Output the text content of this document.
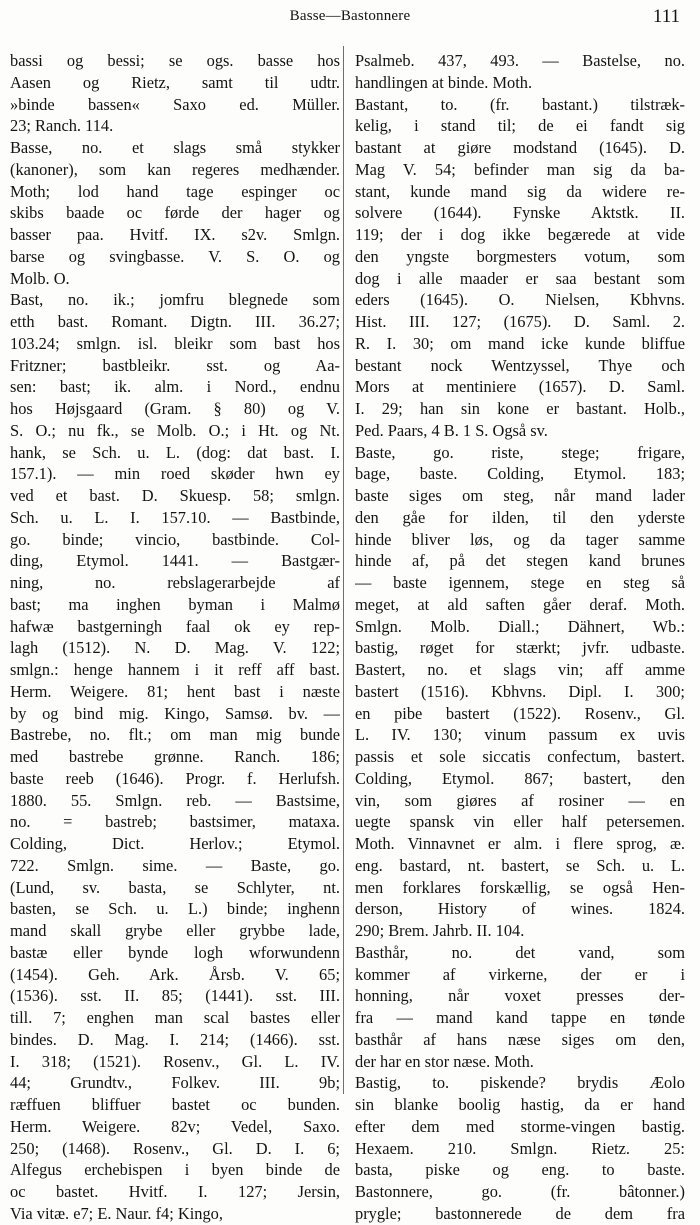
Basse—Bastonnere	111
bassi og bessi; se ogs. basse hos
Aasen og Rietz, samt til udtr.
»binde bassen« Saxo ed. Müller.
23; Ranch. 114.
Basse, no. et slags små stykker
(kanoner), som kan regeres medhænder.
Moth; lod hand tage espinger oc
skibs baade oc førde der hager og
basser paa. Hvitf. IX. s2v. Smlgn.
barse og svingbasse. V. S. O. og
Molb. O.
Bast, no. ik.; jomfru blegnede som
etth bast. Romant. Digtn. III. 36.27;
103.24; smlgn. isl. bleikr som bast hos
Fritzner; bastbleikr. sst. og Aa-
sen: bast; ik. alm. i Nord., endnu
hos Højsgaard (Gram. § 80) og V.
S. O.; nu fk., se Molb. O.; i Ht. og Nt.
hank, se Sch. u. L. (dog: dat bast. I.
157.1). — min roed skøder hwn ey
ved et bast. D. Skuesp. 58; smlgn.
Sch. u. L. I. 157.10. — Bastbinde,
go. binde; vincio, bastbinde. Col-
ding, Etymol. 1441. — Bastgær-
ning, no. rebslagerarbejde af
bast; ma inghen byman i Malmø
hafwæ bastgerningh faal ok ey rep-
lagh (1512). N. D. Mag. V. 122;
smlgn.: henge hannem i it reff aff bast.
Herm. Weigere. 81; hent bast i næste
by og bind mig. Kingo, Samsø. bv. —
Bastrebe, no. flt.; om man mig bunde
med bastrebe grønne. Ranch. 186;
baste reeb (1646). Progr. f. Herlufsh.
1880. 55. Smlgn. reb. — Bastsime,
no. = bastreb; bastsimer, mataxa.
Colding, Dict. Herlov.; Etymol.
722. Smlgn. sime. — Baste, go.
(Lund, sv. basta, se Schlyter, nt.
basten, se Sch. u. L.) binde; inghenn
mand skall grybe eller grybbe lade,
bastæ eller bynde logh wforwundenn
(1454). Geh. Ark. Årsb. V. 65;
(1536). sst. II. 85; (1441). sst. III.
till. 7; enghen man scal bastes eller
bindes. D. Mag. I. 214; (1466). sst.
I. 318; (1521). Rosenv., Gl. L. IV.
44; Grundtv., Folkev. III. 9b;
ræffuen bliffuer bastet oc bunden.
Herm. Weigere. 82v; Vedel, Saxo.
250; (1468). Rosenv., Gl. D. I. 6;
Alfegus erchebispen i byen binde de
oc bastet. Hvitf. I. 127; Jersin,
Via vitæ. e7; E. Naur. f4; Kingo,
Psalmeb. 437, 493. — Bastelse, no.
handlingen at binde. Moth.
Bastant, to. (fr. bastant.) tilstræk-
kelig, i stand til; de ei fandt sig
bastant at giøre modstand (1645). D.
Mag V. 54; befinder man sig da ba-
stant, kunde mand sig da widere re-
solvere (1644). Fynske Aktstk. II.
119; der i dog ikke begærede at vide
den yngste borgmesters votum, som
dog i alle maader er saa bestant som
eders (1645). O. Nielsen, Kbhvns.
Hist. III. 127; (1675). D. Saml. 2.
R. I. 30; om mand icke kunde bliffue
bestant nock Wentzyssel, Thye och
Mors at mentiniere (1657). D. Saml.
I. 29; han sin kone er bastant. Holb.,
Ped. Paars, 4 B. 1 S. Også sv.
Baste, go. riste, stege; frigare,
bage, baste. Colding, Etymol. 183;
baste siges om steg, når mand lader
den gåe for ilden, til den yderste
hinde bliver løs, og da tager samme
hinde af, på det stegen kand brunes
— baste igennem, stege en steg så
meget, at ald saften gåer deraf. Moth.
Smlgn. Molb. Diall.; Dähnert, Wb.:
bastig, røget for stærkt; jvfr. udbaste.
Bastert, no. et slags vin; aff amme
bastert (1516). Kbhvns. Dipl. I. 300;
en pibe bastert (1522). Rosenv., Gl.
L. IV. 130; vinum passum ex uvis
passis et sole siccatis confectum, bastert.
Colding, Etymol. 867; bastert, den
vin, som giøres af rosiner — en
uegte spansk vin eller half petersemen.
Moth. Vinnavnet er alm. i flere sprog, æ.
eng. bastard, nt. bastert, se Sch. u. L.
men forklares forskællig, se også Hen-
derson, History of wines. 1824.
290; Brem. Jahrb. II. 104.
Basthår, no. det vand, som
kommer af virkerne, der er i
honning, når voxet presses der-
fra — mand kand tappe en tønde
basthår af hans næse siges om den,
der har en stor næse. Moth.
Bastig, to. piskende? brydis Æolo
sin blanke boolig hastig, da er hand
efter dem med storme-vingen bastig.
Hexaem. 210. Smlgn. Rietz. 25:
basta, piske og eng. to baste.
Bastonnere, go. (fr. bâtonner.)
prygle; bastonnerede de dem fra
